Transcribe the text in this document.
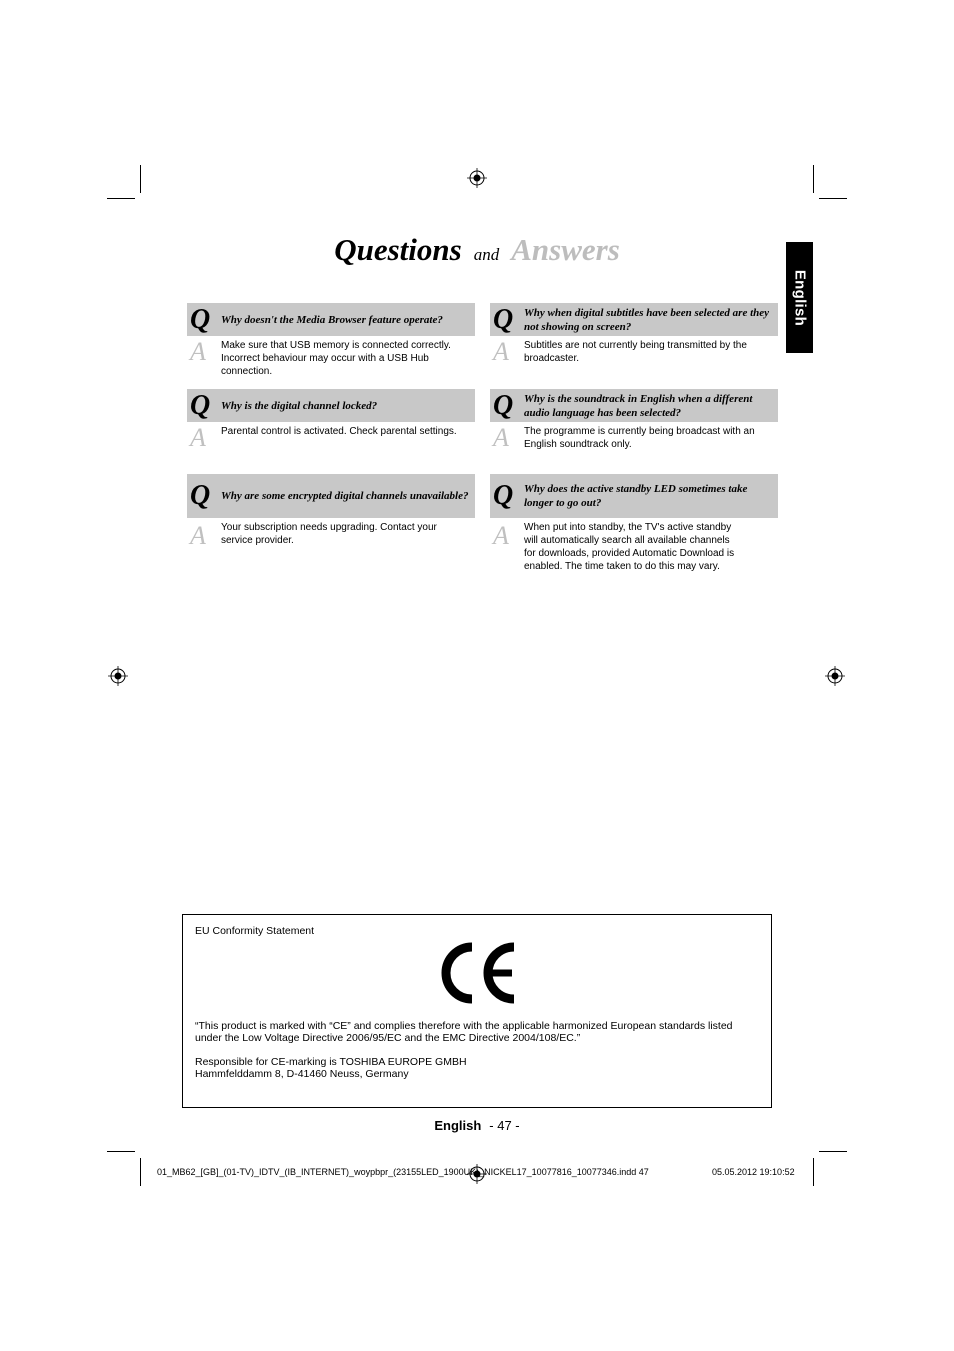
Questions and Answers
English
Q Why doesn't the Media Browser feature operate?
A Make sure that USB memory is connected correctly. Incorrect behaviour may occur with a USB Hub connection.
Q Why is the digital channel locked?
A Parental control is activated. Check parental settings.
Q Why are some encrypted digital channels unavailable?
A Your subscription needs upgrading. Contact your service provider.
Q Why when digital subtitles have been selected are they not showing on screen?
A Subtitles are not currently being transmitted by the broadcaster.
Q Why is the soundtrack in English when a different audio language has been selected?
A The programme is currently being broadcast with an English soundtrack only.
Q Why does the active standby LED sometimes take longer to go out?
A When put into standby, the TV's active standby will automatically search all available channels for downloads, provided Automatic Download is enabled. The time taken to do this may vary.
EU Conformity Statement
“This product is marked with “CE” and complies therefore with the applicable harmonized European standards listed under the Low Voltage Directive 2006/95/EC and the EMC Directive 2004/108/EC.”
Responsible for CE-marking is TOSHIBA EUROPE GMBH
Hammfelddamm 8, D-41460 Neuss, Germany
English - 47 -
01_MB62_[GB]_(01-TV)_IDTV_(IB_INTERNET)_woypbpr_(23155LED_1900UK)_NICKEL17_10077816_10077346.indd 47	05.05.2012 19:10:52
